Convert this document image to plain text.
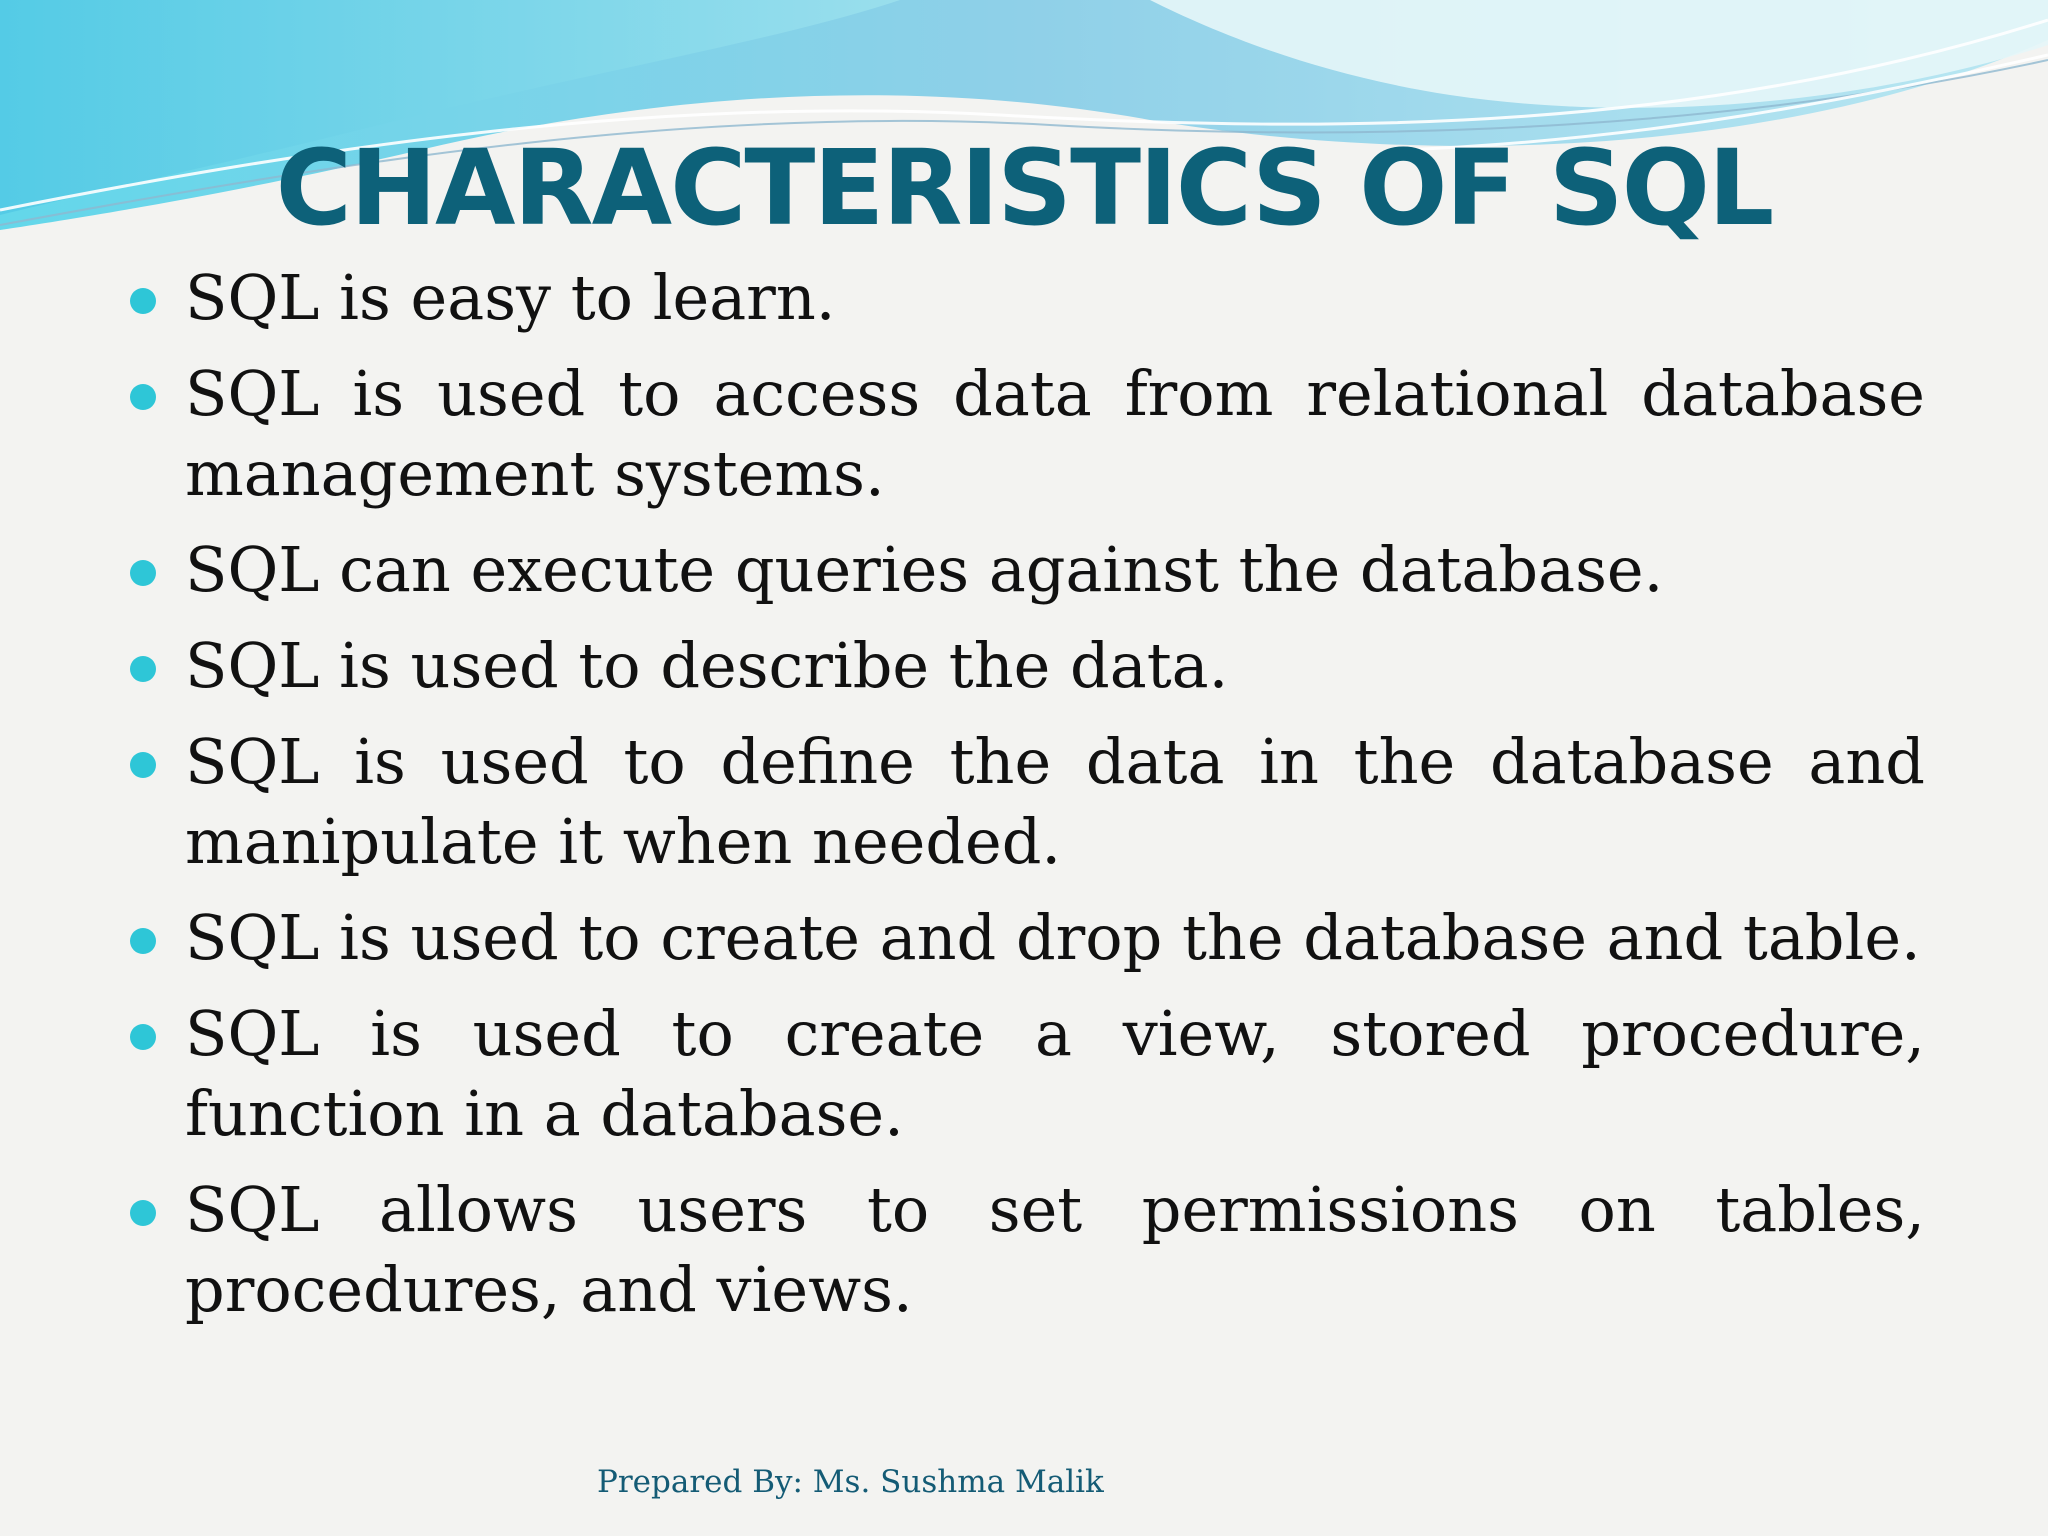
CHARACTERISTICS OF SQL
SQL is easy to learn.
SQL is used to access data from relational database management systems.
SQL can execute queries against the database.
SQL is used to describe the data.
SQL is used to define the data in the database and manipulate it when needed.
SQL is used to create and drop the database and table.
SQL is used to create a view, stored procedure, function in a database.
SQL allows users to set permissions on tables, procedures, and views.
Prepared By: Ms. Sushma Malik
